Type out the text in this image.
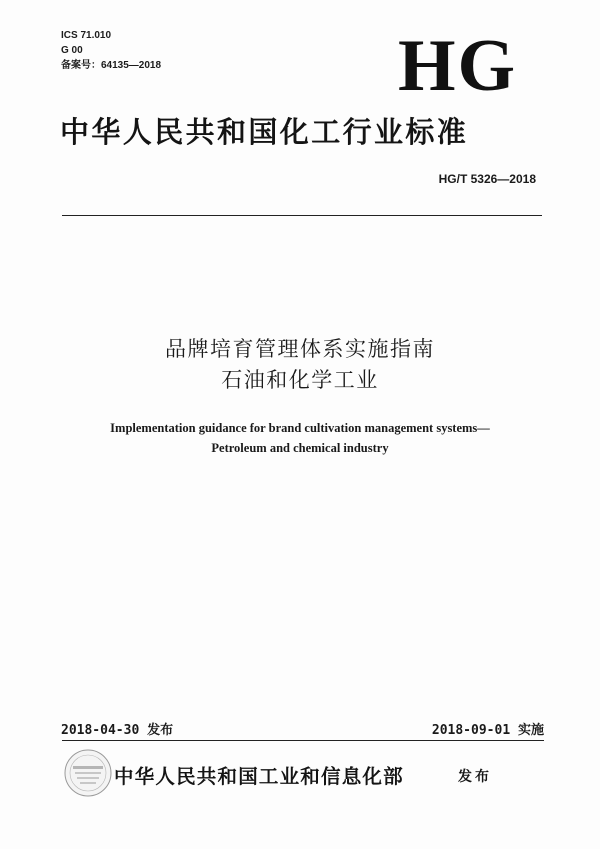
ICS 71.010
G 00
备案号：64135—2018	HG
中华人民共和国化工行业标准
HG/T 5326—2018
品牌培育管理体系实施指南
石油和化学工业
Implementation guidance for brand cultivation management systems—
Petroleum and chemical industry
2018-04-30 发布	2018-09-01 实施
中华人民共和国工业和信息化部	发布
